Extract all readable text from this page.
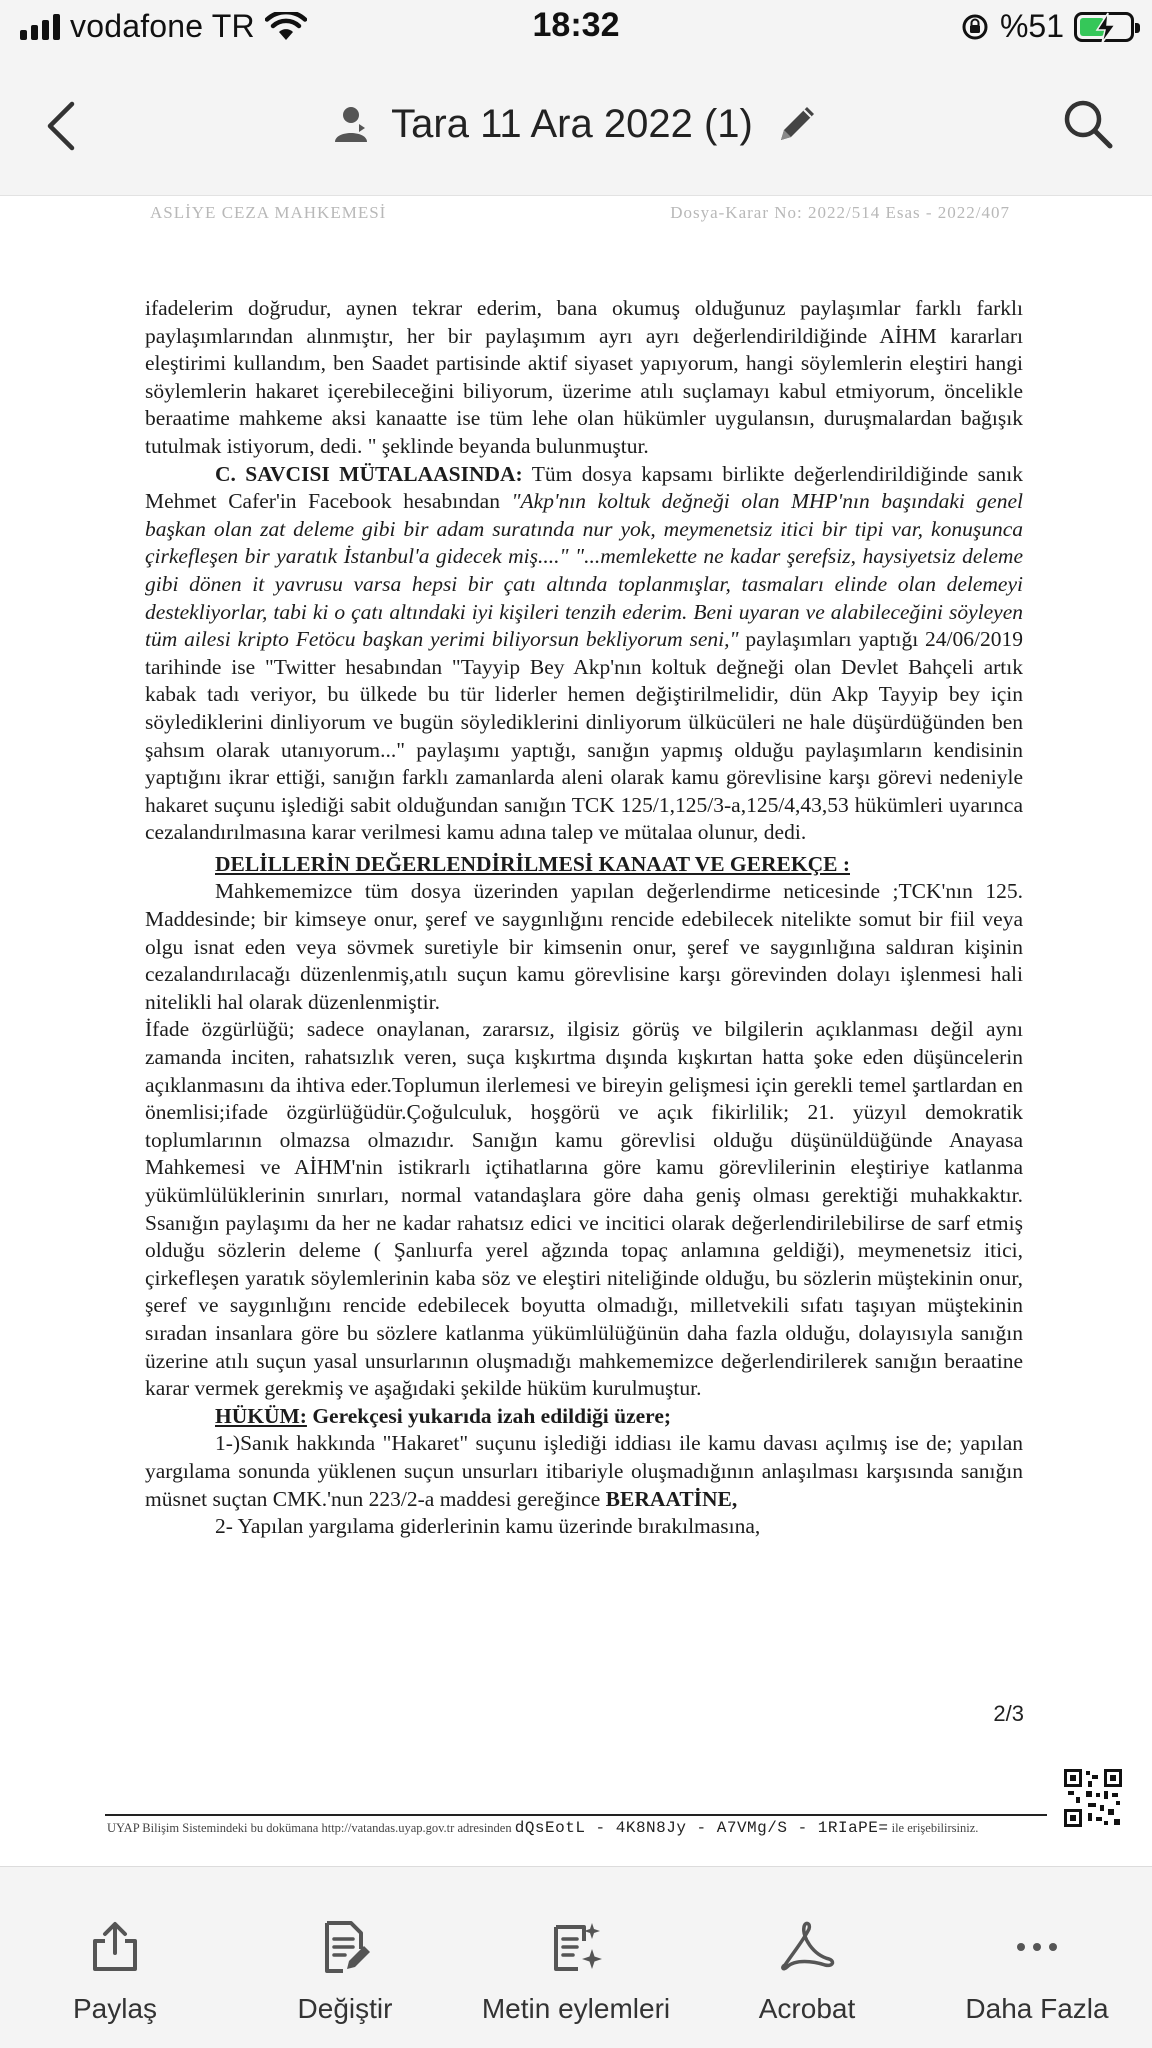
vodafone TR	18:32	%51
Tara 11 Ara 2022 (1)
ASLİYE CEZA MAHKEMESİ	Dosya-Karar No: 2022/514 Esas - 2022/407

ifadelerim doğrudur, aynen tekrar ederim, bana okumuş olduğunuz paylaşımlar farklı farklı paylaşımlarından alınmıştır, her bir paylaşımım ayrı ayrı değerlendirildiğinde AİHM kararları eleştirimi kullandım, ben Saadet partisinde aktif siyaset yapıyorum, hangi söylemlerin eleştiri hangi söylemlerin hakaret içerebileceğini biliyorum, üzerime atılı suçlamayı kabul etmiyorum, öncelikle beraatime mahkeme aksi kanaatte ise tüm lehe olan hükümler uygulansın, duruşmalardan bağışık tutulmak istiyorum, dedi. " şeklinde beyanda bulunmuştur.

C. SAVCISI MÜTALAASINDA: Tüm dosya kapsamı birlikte değerlendirildiğinde sanık Mehmet Cafer'in Facebook hesabından "Akp'nın koltuk değneği olan MHP'nın başındaki genel başkan olan zat deleme gibi bir adam suratında nur yok, meymenetsiz itici bir tipi var, konuşunca çirkefleşen bir yaratık İstanbul'a gidecek miş...." "...memlekette ne kadar şerefsiz, haysiyetsiz deleme gibi dönen it yavrusu varsa hepsi bir çatı altında toplanmışlar, tasmaları elinde olan delemeyi destekliyorlar, tabi ki o çatı altındaki iyi kişileri tenzih ederim. Beni uyaran ve alabileceğini söyleyen tüm ailesi kripto Fetöcu başkan yerimi biliyorsun bekliyorum seni," paylaşımları yaptığı 24/06/2019 tarihinde ise "Twitter hesabından "Tayyip Bey Akp'nın koltuk değneği olan Devlet Bahçeli artık kabak tadı veriyor, bu ülkede bu tür liderler hemen değiştirilmelidir, dün Akp Tayyip bey için söylediklerini dinliyorum ve bugün söylediklerini dinliyorum ülkücüleri ne hale düşürdüğünden ben şahsım olarak utanıyorum..." paylaşımı yaptığı, sanığın yapmış olduğu paylaşımların kendisinin yaptığını ikrar ettiği, sanığın farklı zamanlarda aleni olarak kamu görevlisine karşı görevi nedeniyle hakaret suçunu işlediği sabit olduğundan sanığın TCK 125/1,125/3-a,125/4,43,53 hükümleri uyarınca cezalandırılmasına karar verilmesi kamu adına talep ve mütalaa olunur, dedi.

DELİLLERİN DEĞERLENDİRİLMESİ KANAAT VE GEREKÇE :

Mahkememizce tüm dosya üzerinden yapılan değerlendirme neticesinde ;TCK'nın 125. Maddesinde; bir kimseye onur, şeref ve saygınlığını rencide edebilecek nitelikte somut bir fiil veya olgu isnat eden veya sövmek suretiyle bir kimsenin onur, şeref ve saygınlığına saldıran kişinin cezalandırılacağı düzenlenmiş,atılı suçun kamu görevlisine karşı görevinden dolayı işlenmesi hali nitelikli hal olarak düzenlenmiştir.

İfade özgürlüğü; sadece onaylanan, zararsız, ilgisiz görüş ve bilgilerin açıklanması değil aynı zamanda inciten, rahatsızlık veren, suça kışkırtma dışında kışkırtan hatta şoke eden düşüncelerin açıklanmasını da ihtiva eder.Toplumun ilerlemesi ve bireyin gelişmesi için gerekli temel şartlardan en önemlisi;ifade özgürlüğüdür.Çoğulculuk, hoşgörü ve açık fikirlilik; 21. yüzyıl demokratik toplumlarının olmazsa olmazıdır. Sanığın kamu görevlisi olduğu düşünüldüğünde Anayasa Mahkemesi ve AİHM'nin istikrarlı içtihatlarına göre kamu görevlilerinin eleştiriye katlanma yükümlülüklerinin sınırları, normal vatandaşlara göre daha geniş olması gerektiği muhakkaktır. Ssanığın paylaşımı da her ne kadar rahatsız edici ve incitici olarak değerlendirilebilirse de sarf etmiş olduğu sözlerin deleme ( Şanlıurfa yerel ağzında topaç anlamına geldiği), meymenetsiz itici, çirkefleşen yaratık söylemlerinin kaba söz ve eleştiri niteliğinde olduğu, bu sözlerin müştekinin onur, şeref ve saygınlığını rencide edebilecek boyutta olmadığı, milletvekili sıfatı taşıyan müştekinin sıradan insanlara göre bu sözlere katlanma yükümlülüğünün daha fazla olduğu, dolayısıyla sanığın üzerine atılı suçun yasal unsurlarının oluşmadığı mahkememizce değerlendirilerek sanığın beraatine karar vermek gerekmiş ve aşağıdaki şekilde hüküm kurulmuştur.

HÜKÜM: Gerekçesi yukarıda izah edildiği üzere;

1-)Sanık hakkında "Hakaret" suçunu işlediği iddiası ile kamu davası açılmış ise de; yapılan yargılama sonunda yüklenen suçun unsurları itibariyle oluşmadığının anlaşılması karşısında sanığın müsnet suçtan CMK.'nun 223/2-a maddesi gereğince BERAATİNE,

2- Yapılan yargılama giderlerinin kamu üzerinde bırakılmasına,

2/3
UYAP Bilişim Sistemindeki bu dokümana http://vatandas.uyap.gov.tr adresinden dQsEotL - 4K8N8Jy - A7VMg/S - 1RIaPE= ile erişebilirsiniz.
Paylaş	Değiştir	Metin eylemleri	Acrobat	Daha Fazla
